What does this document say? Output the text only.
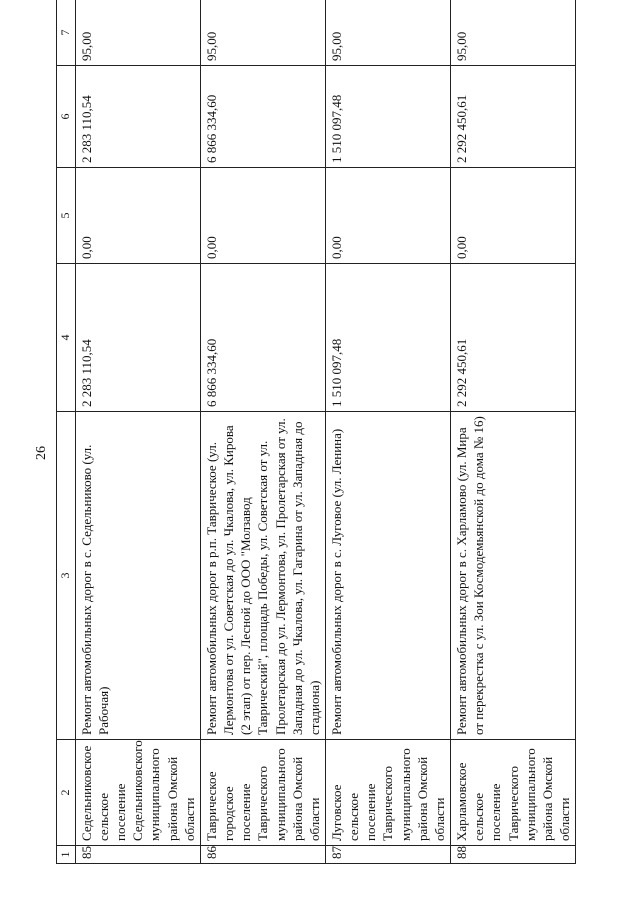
26
1	2	3	4	5	6	7
85	Седельниковское сельское поселение Седельниковского муниципального района Омской области	Ремонт автомобильных дорог в с. Седельниково (ул. Рабочая)	2 283 110,54	0,00	2 283 110,54	95,00
86	Таврическое городское поселение Таврического муниципального района Омской области	Ремонт автомобильных дорог в р.п. Таврическое (ул. Лермонтова от ул. Советская до ул. Чкалова, ул. Кирова (2 этап) от пер. Лесной до ООО "Молзавод Таврический", площадь Победы, ул. Советская от ул. Пролетарская до ул. Лермонтова, ул. Пролетарская от ул. Западная до ул. Чкалова, ул. Гагарина от ул. Западная до стадиона)	6 866 334,60	0,00	6 866 334,60	95,00
87	Луговское сельское поселение Таврического муниципального района Омской области	Ремонт автомобильных дорог в с. Луговое (ул. Ленина)	1 510 097,48	0,00	1 510 097,48	95,00
88	Харламовское сельское поселение Таврического муниципального района Омской области	Ремонт автомобильных дорог в с. Харламово (ул. Мира от перекрестка с ул. Зои Космодемьянской до дома № 16)	2 292 450,61	0,00	2 292 450,61	95,00
